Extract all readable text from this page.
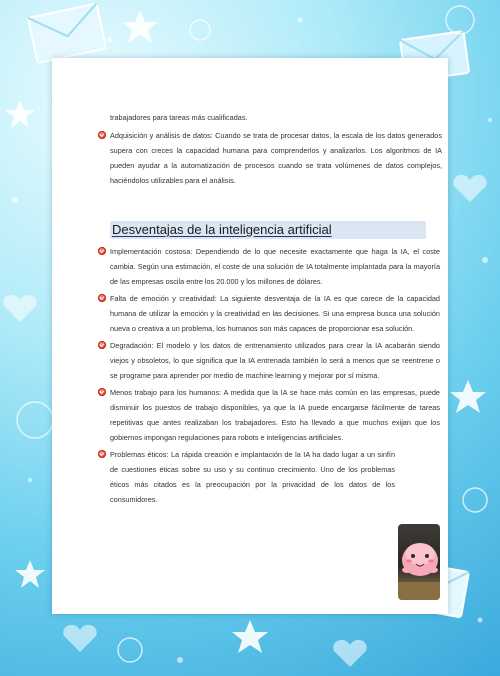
trabajadores para tareas más cualificadas.

Adquisición y análisis de datos: Cuando se trata de procesar datos, la escala de los datos generados supera con creces la capacidad humana para comprenderlos y analizarlos. Los algoritmos de IA pueden ayudar a la automatización de procesos cuando se trata volúmenes de datos complejos, haciéndolos utilizables para el análisis.

Desventajas de la inteligencia artificial

Implementación costosa: Dependiendo de lo que necesite exactamente que haga la IA, el coste cambia. Según una estimación, el coste de una solución de IA totalmente implantada para la mayoría de las empresas oscila entre los 20.000 y los millones de dólares.

Falta de emoción y creatividad: La siguiente desventaja de la IA es que carece de la capacidad humana de utilizar la emoción y la creatividad en las decisiones. Si una empresa busca una solución nueva o creativa a un problema, los humanos son más capaces de proporcionar esa solución.

Degradación: El modelo y los datos de entrenamiento utilizados para crear la IA acabarán siendo viejos y obsoletos, lo que significa que la IA entrenada también lo será a menos que se reentrene o se programe para aprender por medio de machine learning y mejorar por sí misma.

Menos trabajo para los humanos: A medida que la IA se hace más común en las empresas, puede disminuir los puestos de trabajo disponibles, ya que la IA puede encargarse fácilmente de tareas repetitivas que antes realizaban los trabajadores. Esto ha llevado a que muchos exijan que los gobiernos impongan regulaciones para robots e inteligencias artificiales.

Problemas éticos: La rápida creación e implantación de la IA ha dado lugar a un sinfín de cuestiones éticas sobre su uso y su continuo crecimiento. Uno de los problemas éticos más citados es la preocupación por la privacidad de los datos de los consumidores.
